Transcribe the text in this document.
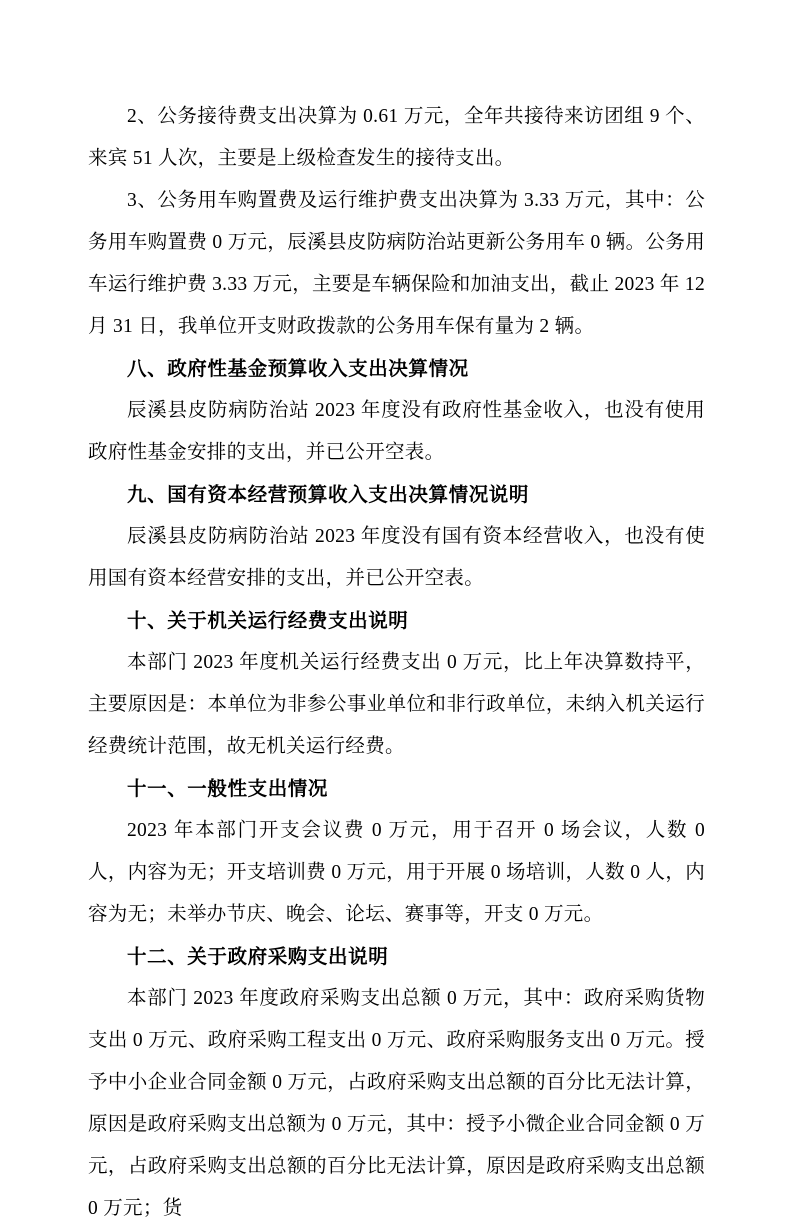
2、公务接待费支出决算为 0.61 万元，全年共接待来访团组 9 个、来宾 51 人次，主要是上级检查发生的接待支出。

3、公务用车购置费及运行维护费支出决算为 3.33 万元，其中：公务用车购置费 0 万元，辰溪县皮防病防治站更新公务用车 0 辆。公务用车运行维护费 3.33 万元，主要是车辆保险和加油支出，截止 2023 年 12 月 31 日，我单位开支财政拨款的公务用车保有量为 2 辆。

八、政府性基金预算收入支出决算情况

辰溪县皮防病防治站 2023 年度没有政府性基金收入，也没有使用政府性基金安排的支出，并已公开空表。

九、国有资本经营预算收入支出决算情况说明

辰溪县皮防病防治站 2023 年度没有国有资本经营收入，也没有使用国有资本经营安排的支出，并已公开空表。

十、关于机关运行经费支出说明

本部门 2023 年度机关运行经费支出 0 万元，比上年决算数持平，主要原因是：本单位为非参公事业单位和非行政单位，未纳入机关运行经费统计范围，故无机关运行经费。

十一、一般性支出情况

2023 年本部门开支会议费 0 万元，用于召开 0 场会议，人数 0 人，内容为无；开支培训费 0 万元，用于开展 0 场培训，人数 0 人，内容为无；未举办节庆、晚会、论坛、赛事等，开支 0 万元。

十二、关于政府采购支出说明

本部门 2023 年度政府采购支出总额 0 万元，其中：政府采购货物支出 0 万元、政府采购工程支出 0 万元、政府采购服务支出 0 万元。授予中小企业合同金额 0 万元，占政府采购支出总额的百分比无法计算，原因是政府采购支出总额为 0 万元，其中：授予小微企业合同金额 0 万元，占政府采购支出总额的百分比无法计算，原因是政府采购支出总额 0 万元；货
